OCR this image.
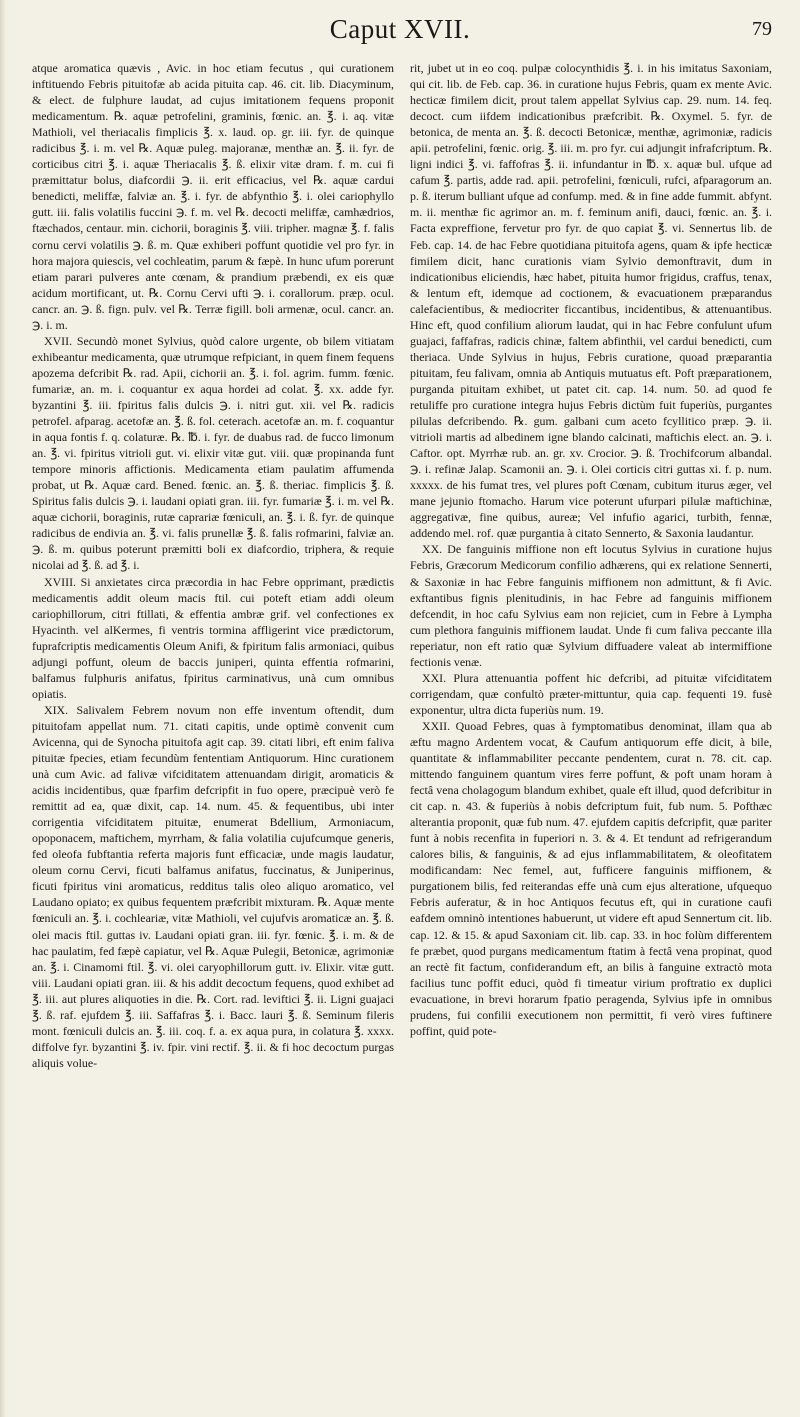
Caput XVII.	79

atque aromatica quævis , Avic. in hoc etiam fecutus , qui curationem inftituendo Febris pituitofæ ab acida pituita cap. 46. cit. lib. Diacyminum, & elect. de fulphure laudat, ad cujus imitationem fequens proponit medicamentum. ℞. aquæ petrofelini, graminis, fœnic. an. ℥. i. aq. vitæ Mathioli, vel theriacalis fimplicis ℥. x. laud. op. gr. iii. fyr. de quinque radicibus ℥. i. m. vel ℞. Aquæ puleg. majoranæ, menthæ an. ℥. ii. fyr. de corticibus citri ℥. i. aquæ Theriacalis ℥. ß. elixir vitæ dram. f. m. cui fi præmittatur bolus, diafcordii ℈. ii. erit efficacius, vel ℞. aquæ cardui benedicti, meliffæ, falviæ an. ℥. i. fyr. de abfynthio ℥. i. olei cariophyllo gutt. iii. falis volatilis fuccini ℈. f. m. vel ℞. decocti meliffæ, camhædrios, ftæchados, centaur. min. cichorii, boraginis ℥. viii. tripher. magnæ ℥. f. falis cornu cervi volatilis ℈. ß. m. Quæ exhiberi poffunt quotidie vel pro fyr. in hora majora quiescis, vel cochleatim, parum & fæpè. In hunc ufum porerunt etiam parari pulveres ante cœnam, & prandium præbendi, ex eis quæ acidum mortificant, ut. ℞. Cornu Cervi ufti ℈. i. corallorum. præp. ocul. cancr. an. ℈. ß. fign. pulv. vel ℞. Terræ figill. boli armenæ, ocul. cancr. an. ℈. i. m.

XVII. Secundò monet Sylvius, quòd calore urgente, ob bilem vitiatam exhibeantur medicamenta, quæ utrumque refpiciant, in quem finem fequens apozema defcribit ℞. rad. Apii, cichorii an. ℥. i. fol. agrim. fumm. fœnic. fumariæ, an. m. i. coquantur ex aqua hordei ad colat. ℥. xx. adde fyr. byzantini ℥. iii. fpiritus falis dulcis ℈. i. nitri gut. xii. vel ℞. radicis petrofel. afparag. acetofæ an. ℥. ß. fol. ceterach. acetofæ an. m. f. coquantur in aqua fontis f. q. colaturæ. ℞. ℔. i. fyr. de duabus rad. de fucco limonum an. ℥. vi. fpiritus vitrioli gut. vi. elixir vitæ gut. viii. quæ propinanda funt tempore minoris affictionis. Medicamenta etiam paulatim affumenda probat, ut ℞. Aquæ card. Bened. fœnic. an. ℥. ß. theriac. fimplicis ℥. ß. Spiritus falis dulcis ℈. i. laudani opiati gran. iii. fyr. fumariæ ℥. i. m. vel ℞. aquæ cichorii, boraginis, rutæ caprariæ fœniculi, an. ℥. i. ß. fyr. de quinque radicibus de endivia an. ℥. vi. falis prunellæ ℥. ß. falis rofmarini, falviæ an. ℈. ß. m. quibus poterunt præmitti boli ex diafcordio, triphera, & requie nicolai ad ℥. ß. ad ℥. i.

XVIII. Si anxietates circa præcordia in hac Febre opprimant, prædictis medicamentis addit oleum macis ftil. cui poteft etiam addi oleum cariophillorum, citri ftillati, & effentia ambræ grif. vel confectiones ex Hyacinth. vel alKermes, fi ventris tormina affligerint vice prædictorum, fuprafcriptis medicamentis Oleum Anifi, & fpiritum falis armoniaci, quibus adjungi poffunt, oleum de baccis juniperi, quinta effentia rofmarini, balfamus fulphuris anifatus, fpiritus carminativus, unà cum omnibus opiatis.

XIX. Salivalem Febrem novum non effe inventum oftendit, dum pituitofam appellat num. 71. citati capitis, unde optimè convenit cum Avicenna, qui de Synocha pituitofa agit cap. 39. citati libri, eft enim faliva pituitæ fpecies, etiam fecundùm fententiam Antiquorum. Hinc curationem unà cum Avic. ad falivæ vifciditatem attenuandam dirigit, aromaticis & acidis incidentibus, quæ fparfim defcripfit in fuo opere, præcipuè verò fe remittit ad ea, quæ dixit, cap. 14. num. 45. & fequentibus, ubi inter corrigentia vifciditatem pituitæ, enumerat Bdellium, Armoniacum, opoponacem, maftichem, myrrham, & falia volatilia cujufcumque generis, fed oleofa fubftantia referta majoris funt efficaciæ, unde magis laudatur, oleum cornu Cervi, ficuti balfamus anifatus, fuccinatus, & Juniperinus, ficuti fpiritus vini aromaticus, redditus talis oleo aliquo aromatico, vel Laudano opiato; ex quibus fequentem præfcribit mixturam. ℞. Aquæ mente fœniculi an. ℥. i. cochleariæ, vitæ Mathioli, vel cujufvis aromaticæ an. ℥. ß. olei macis ftil. guttas iv. Laudani opiati gran. iii. fyr. fœnic. ℥. i. m. & de hac paulatim, fed fæpè capiatur, vel ℞. Aquæ Pulegii, Betonicæ, agrimoniæ an. ℥. i. Cinamomi ftil. ℥. vi. olei caryophillorum gutt. iv. Elixir. vitæ gutt. viii. Laudani opiati gran. iii. & his addit decoctum fequens, quod exhibet ad ℥. iii. aut plures aliquoties in die. ℞. Cort. rad. leviftici ℥. ii. Ligni guajaci ℥. ß. raf. ejufdem ℥. iii. Saffafras ℥. i. Bacc. lauri ℥. ß. Seminum fileris mont. fœniculi dulcis an. ℥. iii. coq. f. a. ex aqua pura, in colatura ℥. xxxx. diffolve fyr. byzantini ℥. iv. fpir. vini rectif. ℥. ii. & fi hoc decoctum purgas aliquis volue-

rit, jubet ut in eo coq. pulpæ colocynthidis ℥. i. in his imitatus Saxoniam, qui cit. lib. de Feb. cap. 36. in curatione hujus Febris, quam ex mente Avic. hecticæ fimilem dicit, prout talem appellat Sylvius cap. 29. num. 14. feq. decoct. cum iifdem indicationibus præfcribit. ℞. Oxymel. 5. fyr. de betonica, de menta an. ℥. ß. decocti Betonicæ, menthæ, agrimoniæ, radicis apii. petrofelini, fœnic. orig. ℥. iii. m. pro fyr. cui adjungit infrafcriptum. ℞. ligni indici ℥. vi. faffofras ℥. ii. infundantur in ℔. x. aquæ bul. ufque ad cafum ℥. partis, adde rad. apii. petrofelini, fœniculi, rufci, afparagorum an. p. ß. iterum bulliant ufque ad confump. med. & in fine adde fummit. abfynt. m. ii. menthæ fic agrimor an. m. f. feminum anifi, dauci, fœnic. an. ℥. i. Facta expreffione, fervetur pro fyr. de quo capiat ℥. vi. Sennertus lib. de Feb. cap. 14. de hac Febre quotidiana pituitofa agens, quam & ipfe hecticæ fimilem dicit, hanc curationis viam Sylvio demonftravit, dum in indicationibus eliciendis, hæc habet, pituita humor frigidus, craffus, tenax, & lentum eft, idemque ad coctionem, & evacuationem præparandus calefacientibus, & mediocriter ficcantibus, incidentibus, & attenuantibus. Hinc eft, quod confilium aliorum laudat, qui in hac Febre confulunt ufum guajaci, faffafras, radicis chinæ, faltem abfinthii, vel cardui benedicti, cum theriaca. Unde Sylvius in hujus, Febris curatione, quoad præparantia pituitam, feu falivam, omnia ab Antiquis mutuatus eft. Poft præparationem, purganda pituitam exhibet, ut patet cit. cap. 14. num. 50. ad quod fe retuliffe pro curatione integra hujus Febris dictùm fuit fuperiùs, purgantes pilulas defcribendo. ℞. gum. galbani cum aceto fcyllitico præp. ℈. ii. vitrioli martis ad albedinem igne blando calcinati, maftichis elect. an. ℈. i. Caftor. opt. Myrrhæ rub. an. gr. xv. Crocior. ℈. ß. Trochifcorum albandal. ℈. i. refinæ Jalap. Scamonii an. ℈. i. Olei corticis citri guttas xi. f. p. num. xxxxx. de his fumat tres, vel plures poft Cœnam, cubitum iturus æger, vel mane jejunio ftomacho. Harum vice poterunt ufurpari pilulæ maftichinæ, aggregativæ, fine quibus, aureæ; Vel infufio agarici, turbith, fennæ, addendo mel. rof. quæ purgantia à citato Sennerto, & Saxonia laudantur.

XX. De fanguinis miffione non eft locutus Sylvius in curatione hujus Febris, Græcorum Medicorum confilio adhærens, qui ex relatione Sennerti, & Saxoniæ in hac Febre fanguinis miffionem non admittunt, & fi Avic. exftantibus fignis plenitudinis, in hac Febre ad fanguinis miffionem defcendit, in hoc cafu Sylvius eam non rejiciet, cum in Febre à Lympha cum plethora fanguinis miffionem laudat. Unde fi cum faliva peccante illa reperiatur, non eft ratio quæ Sylvium diffuadere valeat ab intermiffione fectionis venæ.

XXI. Plura attenuantia poffent hic defcribi, ad pituitæ vifciditatem corrigendam, quæ confultò præter-mittuntur, quia cap. fequenti 19. fusè exponentur, ultra dicta fuperiùs num. 19.

XXII. Quoad Febres, quas à fymptomatibus denominat, illam qua ab æftu magno Ardentem vocat, & Caufum antiquorum effe dicit, à bile, quantitate & inflammabiliter peccante pendentem, curat n. 78. cit. cap. mittendo fanguinem quantum vires ferre poffunt, & poft unam horam à fectâ vena cholagogum blandum exhibet, quale eft illud, quod defcribitur in cit cap. n. 43. & fuperiùs à nobis defcriptum fuit, fub num. 5. Pofthæc alterantia proponit, quæ fub num. 47. ejufdem capitis defcripfit, quæ pariter funt à nobis recenfita in fuperiori n. 3. & 4. Et tendunt ad refrigerandum calores bilis, & fanguinis, & ad ejus inflammabilitatem, & oleofitatem modificandam: Nec femel, aut, fufficere fanguinis miffionem, & purgationem bilis, fed reiterandas effe unà cum ejus alteratione, ufquequo Febris auferatur, & in hoc Antiquos fecutus eft, qui in curatione caufi eafdem omninò intentiones habuerunt, ut videre eft apud Sennertum cit. lib. cap. 12. & 15. & apud Saxoniam cit. lib. cap. 33. in hoc folùm differentem fe præbet, quod purgans medicamentum ftatim à fectâ vena propinat, quod an rectè fit factum, confiderandum eft, an bilis à fanguine extractò mota facilius tunc poffit educi, quòd fi timeatur virium proftratio ex duplici evacuatione, in brevi horarum fpatio peragenda, Sylvius ipfe in omnibus prudens, fui confilii executionem non permittit, fi verò vires fuftinere poffint, quid pote-
